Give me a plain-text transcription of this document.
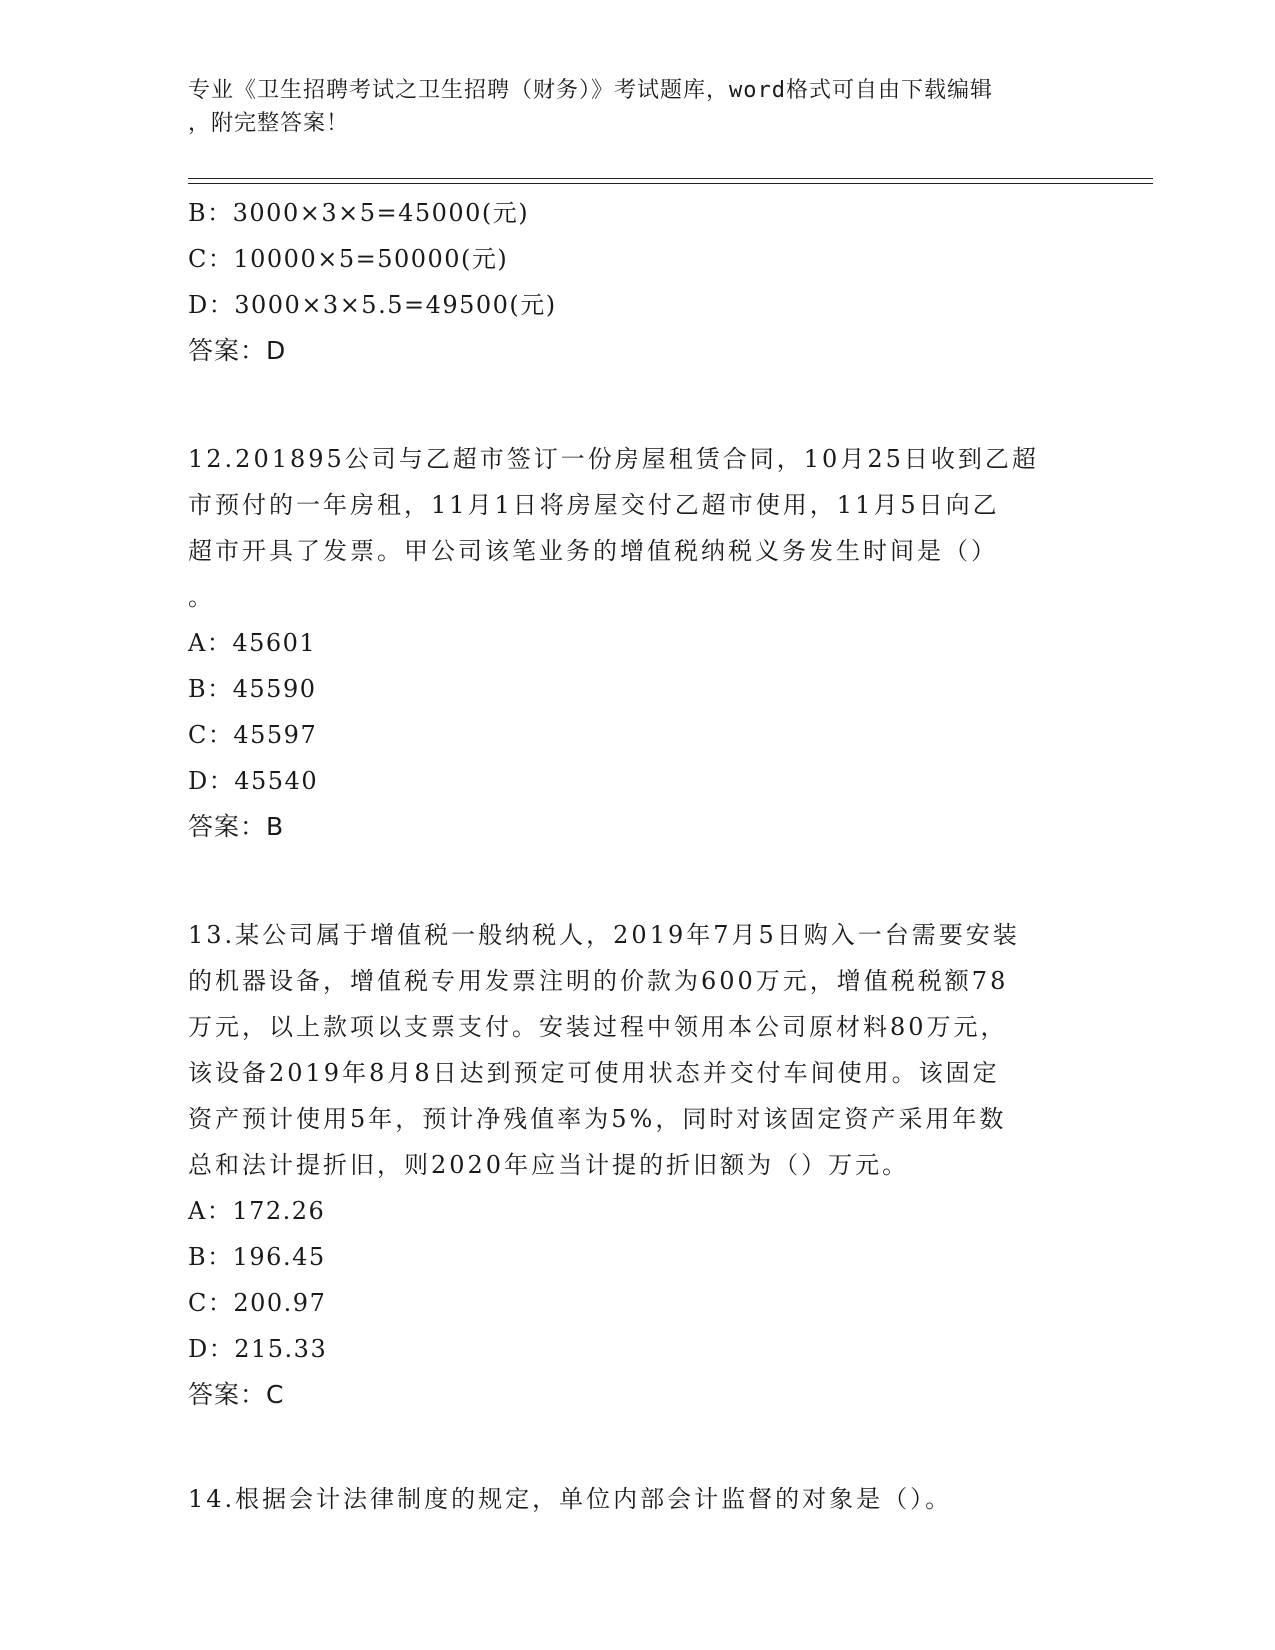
专业《卫生招聘考试之卫生招聘（财务）》考试题库，word格式可自由下载编辑
，附完整答案！
B：3000×3×5=45000(元)
C：10000×5=50000(元)
D：3000×3×5.5=49500(元)
答案：D
12.201895公司与乙超市签订一份房屋租赁合同，10月25日收到乙超
市预付的一年房租，11月1日将房屋交付乙超市使用，11月5日向乙
超市开具了发票。甲公司该笔业务的增值税纳税义务发生时间是（）
。
A：45601
B：45590
C：45597
D：45540
答案：B
13.某公司属于增值税一般纳税人，2019年7月5日购入一台需要安装
的机器设备，增值税专用发票注明的价款为600万元，增值税税额78
万元，以上款项以支票支付。安装过程中领用本公司原材料80万元，
该设备2019年8月8日达到预定可使用状态并交付车间使用。该固定
资产预计使用5年，预计净残值率为5%，同时对该固定资产采用年数
总和法计提折旧，则2020年应当计提的折旧额为（）万元。
A：172.26
B：196.45
C：200.97
D：215.33
答案：C
14.根据会计法律制度的规定，单位内部会计监督的对象是（）。
